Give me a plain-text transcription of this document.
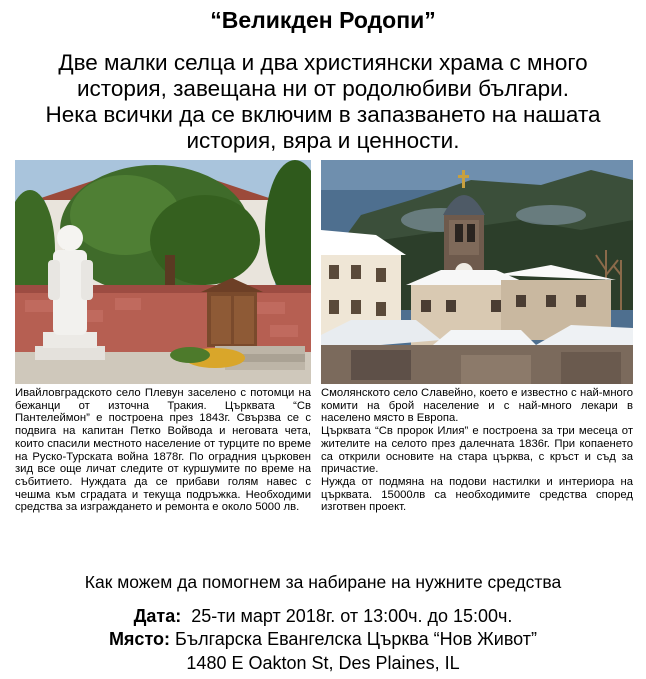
“Великден Родопи”
Две малки селца и два християнски храма с много
история, завещана ни от родолюбиви българи.
Нека всички да се включим в запазването на нашата
история, вяра и ценности.

Ивайловградското село Плевун заселено с потомци на бежанци от източна Тракия. Църквата “Св Пантелеймон” е построена през 1843г. Свързва се с подвига на капитан Петко Войвода и неговата чета, които спасили местното население от турците по време на Руско-Турската война 1878г. По оградния църковен зид все още личат следите от куршумите по време на събитието. Нуждата да се прибави голям навес с чешма към сградата и текуща подръжка. Необходими средства за изграждането и ремонта е около 5000 лв.

Смолянското село Славейно, което е известно с най-много комити на брой население и с най-много лекари в населено място в Европа.

Църквата “Св пророк Илия” е построена за три месеца от жителите на селото през далечната 1836г. При копаенето са открили основите на стара църква, с кръст и съд за причастие.

Нужда от подмяна на подови настилки и интериора на църквата. 15000лв са необходимите средства според изготвен проект.

Как можем да помогнем за набиране на нужните средства
Дата: 25-ти март 2018г. от 13:00ч. до 15:00ч.
Място: Българска Евангелска Църква “Нов Живот”
1480 E Oakton St, Des Plaines, IL
